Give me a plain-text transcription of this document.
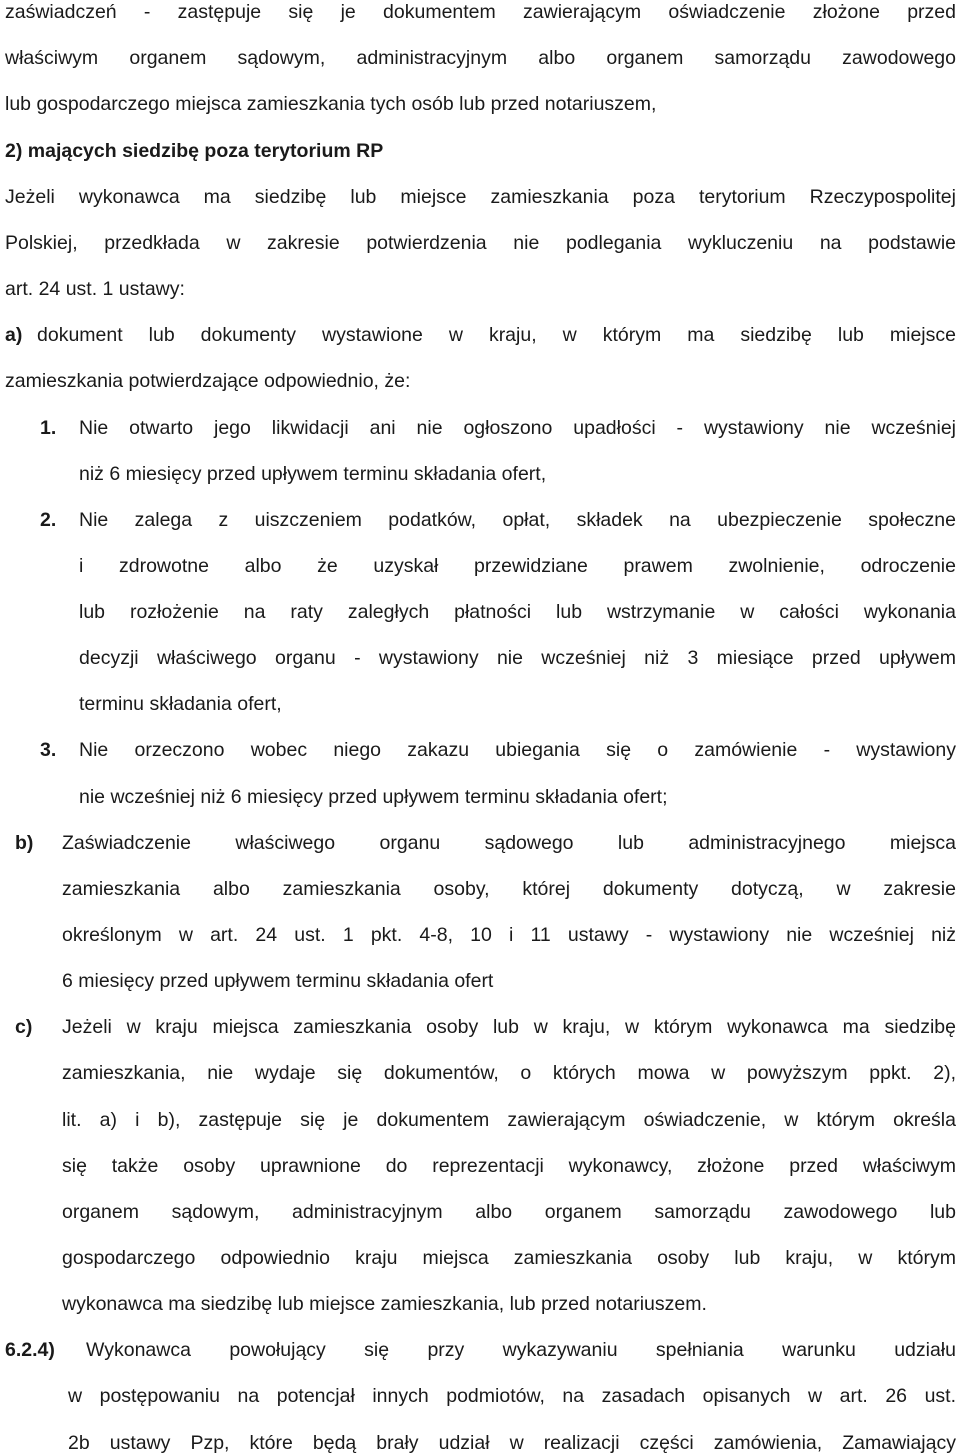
zaświadczeń - zastępuje się je dokumentem zawierającym oświadczenie złożone przed
właściwym organem sądowym, administracyjnym albo organem samorządu zawodowego
lub gospodarczego miejsca zamieszkania tych osób lub przed notariuszem,
2) mających siedzibę poza terytorium RP
Jeżeli wykonawca ma siedzibę lub miejsce zamieszkania poza terytorium Rzeczypospolitej
Polskiej, przedkłada w zakresie potwierdzenia nie podlegania wykluczeniu na podstawie
art. 24 ust. 1 ustawy:
a) dokument lub dokumenty wystawione w kraju, w którym ma siedzibę lub miejsce
zamieszkania potwierdzające odpowiednio, że:
1. Nie otwarto jego likwidacji ani nie ogłoszono upadłości - wystawiony nie wcześniej
niż 6 miesięcy przed upływem terminu składania ofert,
2. Nie zalega z uiszczeniem podatków, opłat, składek na ubezpieczenie społeczne
i zdrowotne albo że uzyskał przewidziane prawem zwolnienie, odroczenie
lub rozłożenie na raty zaległych płatności lub wstrzymanie w całości wykonania
decyzji właściwego organu - wystawiony nie wcześniej niż 3 miesiące przed upływem
terminu składania ofert,
3. Nie orzeczono wobec niego zakazu ubiegania się o zamówienie - wystawiony
nie wcześniej niż 6 miesięcy przed upływem terminu składania ofert;
b) Zaświadczenie właściwego organu sądowego lub administracyjnego miejsca
zamieszkania albo zamieszkania osoby, której dokumenty dotyczą, w zakresie
określonym w art. 24 ust. 1 pkt. 4-8, 10 i 11 ustawy - wystawiony nie wcześniej niż
6 miesięcy przed upływem terminu składania ofert
c) Jeżeli w kraju miejsca zamieszkania osoby lub w kraju, w którym wykonawca ma siedzibę
zamieszkania, nie wydaje się dokumentów, o których mowa w powyższym ppkt. 2),
lit. a) i b), zastępuje się je dokumentem zawierającym oświadczenie, w którym określa
się także osoby uprawnione do reprezentacji wykonawcy, złożone przed właściwym
organem sądowym, administracyjnym albo organem samorządu zawodowego lub
gospodarczego odpowiednio kraju miejsca zamieszkania osoby lub kraju, w którym
wykonawca ma siedzibę lub miejsce zamieszkania, lub przed notariuszem.
6.2.4) Wykonawca powołujący się przy wykazywaniu spełniania warunku udziału
w postępowaniu na potencjał innych podmiotów, na zasadach opisanych w art. 26 ust.
2b ustawy Pzp, które będą brały udział w realizacji części zamówienia, Zamawiający
